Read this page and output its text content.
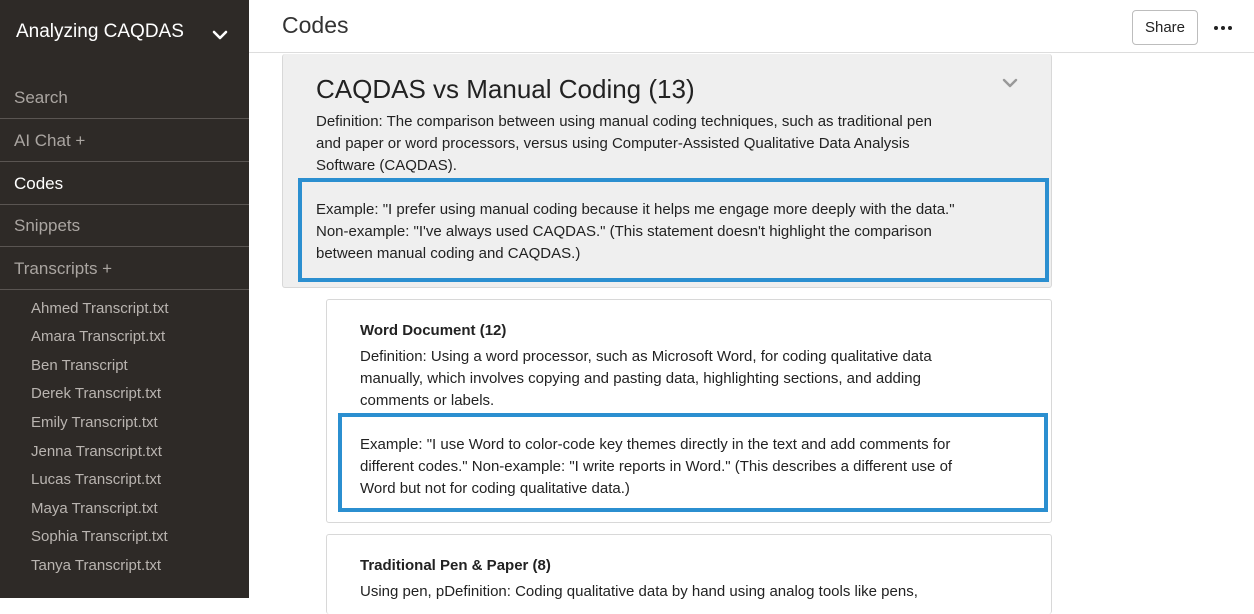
Analyzing CAQDAS
Search
AI Chat +
Codes
Snippets
Transcripts +
Ahmed Transcript.txt
Amara Transcript.txt
Ben Transcript
Derek Transcript.txt
Emily Transcript.txt
Jenna Transcript.txt
Lucas Transcript.txt
Maya Transcript.txt
Sophia Transcript.txt
Tanya Transcript.txt
Codes	Share
CAQDAS vs Manual Coding (13)
Definition: The comparison between using manual coding techniques, such as traditional pen
and paper or word processors, versus using Computer-Assisted Qualitative Data Analysis
Software (CAQDAS).
Example: "I prefer using manual coding because it helps me engage more deeply with the data."
Non-example: "I've always used CAQDAS." (This statement doesn't highlight the comparison
between manual coding and CAQDAS.)
Word Document (12)
Definition: Using a word processor, such as Microsoft Word, for coding qualitative data
manually, which involves copying and pasting data, highlighting sections, and adding
comments or labels.
Example: "I use Word to color-code key themes directly in the text and add comments for
different codes." Non-example: "I write reports in Word." (This describes a different use of
Word but not for coding qualitative data.)
Traditional Pen & Paper (8)
Using pen, pDefinition: Coding qualitative data by hand using analog tools like pens,
